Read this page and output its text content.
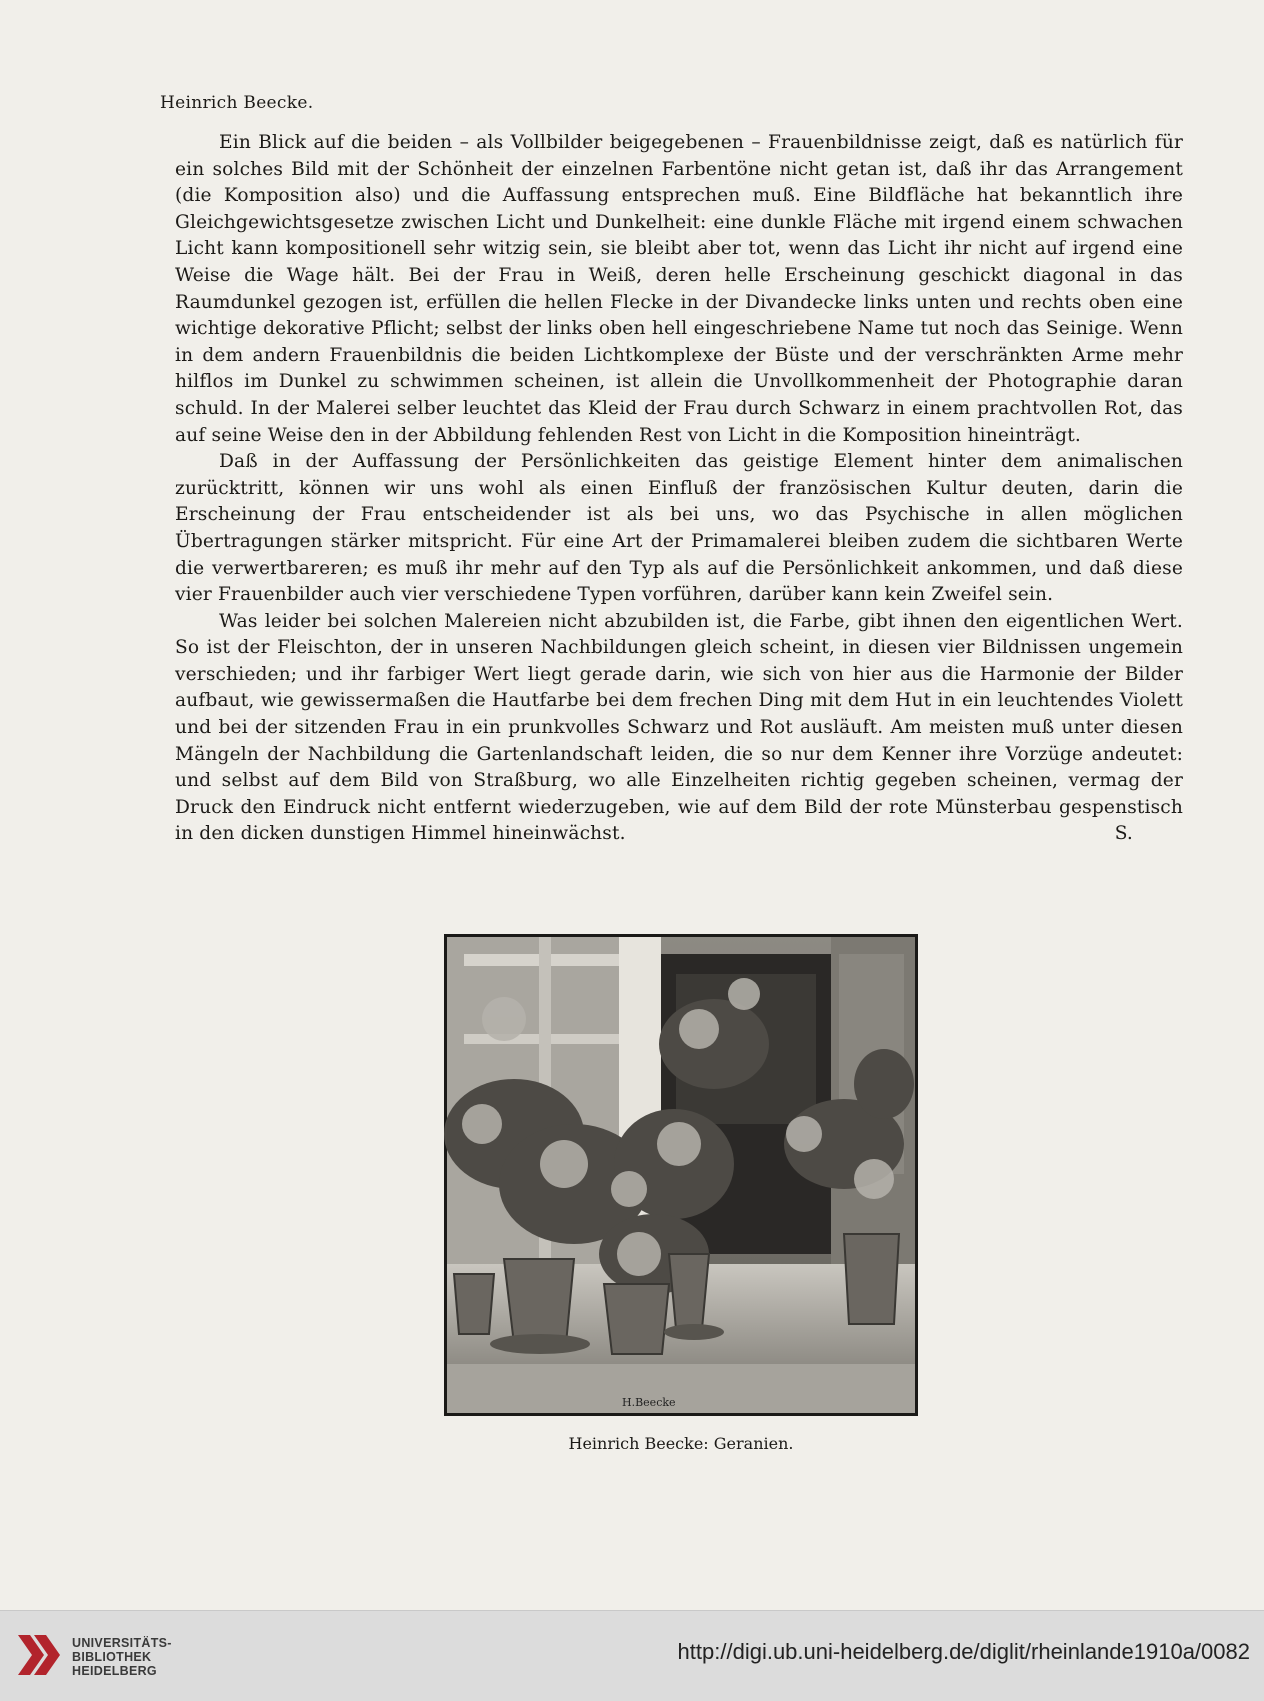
Heinrich Beecke.

Ein Blick auf die beiden – als Vollbilder beigegebenen – Frauenbildnisse zeigt, daß es natürlich für ein solches Bild mit der Schönheit der einzelnen Farbentöne nicht getan ist, daß ihr das Arrangement (die Komposition also) und die Auffassung entsprechen muß. Eine Bildfläche hat bekanntlich ihre Gleichgewichtsgesetze zwischen Licht und Dunkelheit: eine dunkle Fläche mit irgend einem schwachen Licht kann kompositionell sehr witzig sein, sie bleibt aber tot, wenn das Licht ihr nicht auf irgend eine Weise die Wage hält. Bei der Frau in Weiß, deren helle Erscheinung geschickt diagonal in das Raumdunkel gezogen ist, erfüllen die hellen Flecke in der Divandecke links unten und rechts oben eine wichtige dekorative Pflicht; selbst der links oben hell eingeschriebene Name tut noch das Seinige. Wenn in dem andern Frauenbildnis die beiden Lichtkomplexe der Büste und der verschränkten Arme mehr hilflos im Dunkel zu schwimmen scheinen, ist allein die Unvollkommenheit der Photographie daran schuld. In der Malerei selber leuchtet das Kleid der Frau durch Schwarz in einem prachtvollen Rot, das auf seine Weise den in der Abbildung fehlenden Rest von Licht in die Komposition hineinträgt.

Daß in der Auffassung der Persönlichkeiten das geistige Element hinter dem animalischen zurücktritt, können wir uns wohl als einen Einfluß der französischen Kultur deuten, darin die Erscheinung der Frau entscheidender ist als bei uns, wo das Psychische in allen möglichen Übertragungen stärker mitspricht. Für eine Art der Primamalerei bleiben zudem die sichtbaren Werte die verwertbareren; es muß ihr mehr auf den Typ als auf die Persönlichkeit ankommen, und daß diese vier Frauenbilder auch vier verschiedene Typen vorführen, darüber kann kein Zweifel sein.

Was leider bei solchen Malereien nicht abzubilden ist, die Farbe, gibt ihnen den eigentlichen Wert. So ist der Fleischton, der in unseren Nachbildungen gleich scheint, in diesen vier Bildnissen ungemein verschieden; und ihr farbiger Wert liegt gerade darin, wie sich von hier aus die Harmonie der Bilder aufbaut, wie gewissermaßen die Hautfarbe bei dem frechen Ding mit dem Hut in ein leuchtendes Violett und bei der sitzenden Frau in ein prunkvolles Schwarz und Rot ausläuft. Am meisten muß unter diesen Mängeln der Nachbildung die Gartenlandschaft leiden, die so nur dem Kenner ihre Vorzüge andeutet: und selbst auf dem Bild von Straßburg, wo alle Einzelheiten richtig gegeben scheinen, vermag der Druck den Eindruck nicht entfernt wiederzugeben, wie auf dem Bild der rote Münsterbau gespenstisch in den dicken dunstigen Himmel hineinwächst.	S.

H.Beecke
Heinrich Beecke: Geranien.
UNIVERSITÄTS-
BIBLIOTHEK
HEIDELBERG
http://digi.ub.uni-heidelberg.de/diglit/rheinlande1910a/0082
